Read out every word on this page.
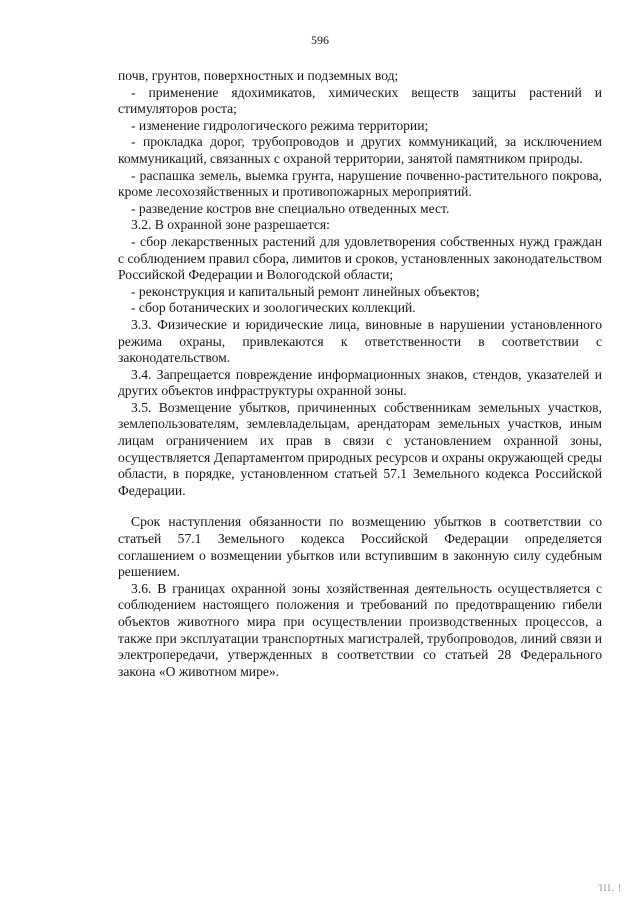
596

почв, грунтов, поверхностных и подземных вод;

- применение ядохимикатов, химических веществ защиты растений и стимуляторов роста;

- изменение гидрологического режима территории;

- прокладка дорог, трубопроводов и других коммуникаций, за исключением коммуникаций, связанных с охраной территории, занятой памятником природы.

- распашка земель, выемка грунта, нарушение почвенно-растительного покрова, кроме лесохозяйственных и противопожарных мероприятий.

- разведение костров вне специально отведенных мест.

3.2. В охранной зоне разрешается:

- сбор лекарственных растений для удовлетворения собственных нужд граждан с соблюдением правил сбора, лимитов и сроков, установленных законодательством Российской Федерации и Вологодской области;

- реконструкция и капитальный ремонт линейных объектов;

- сбор ботанических и зоологических коллекций.

3.3. Физические и юридические лица, виновные в нарушении установленного режима охраны, привлекаются к ответственности в соответствии с законодательством.

3.4. Запрещается повреждение информационных знаков, стендов, указателей и других объектов инфраструктуры охранной зоны.

3.5. Возмещение убытков, причиненных собственникам земельных участков, землепользователям, землевладельцам, арендаторам земельных участков, иным лицам ограничением их прав в связи с установлением охранной зоны, осуществляется Департаментом природных ресурсов и охраны окружающей среды области, в порядке, установленном статьей 57.1 Земельного кодекса Российской Федерации.

Срок наступления обязанности по возмещению убытков в соответствии со статьей 57.1 Земельного кодекса Российской Федерации определяется соглашением о возмещении убытков или вступившим в законную силу судебным решением.

3.6. В границах охранной зоны хозяйственная деятельность осуществляется с соблюдением настоящего положения и требований по предотвращению гибели объектов животного мира при осуществлении производственных процессов, а также при эксплуатации транспортных магистралей, трубопроводов, линий связи и электропередачи, утвержденных в соответствии со статьей 28 Федерального закона «О животном мире».

ΊΙΙ. !
